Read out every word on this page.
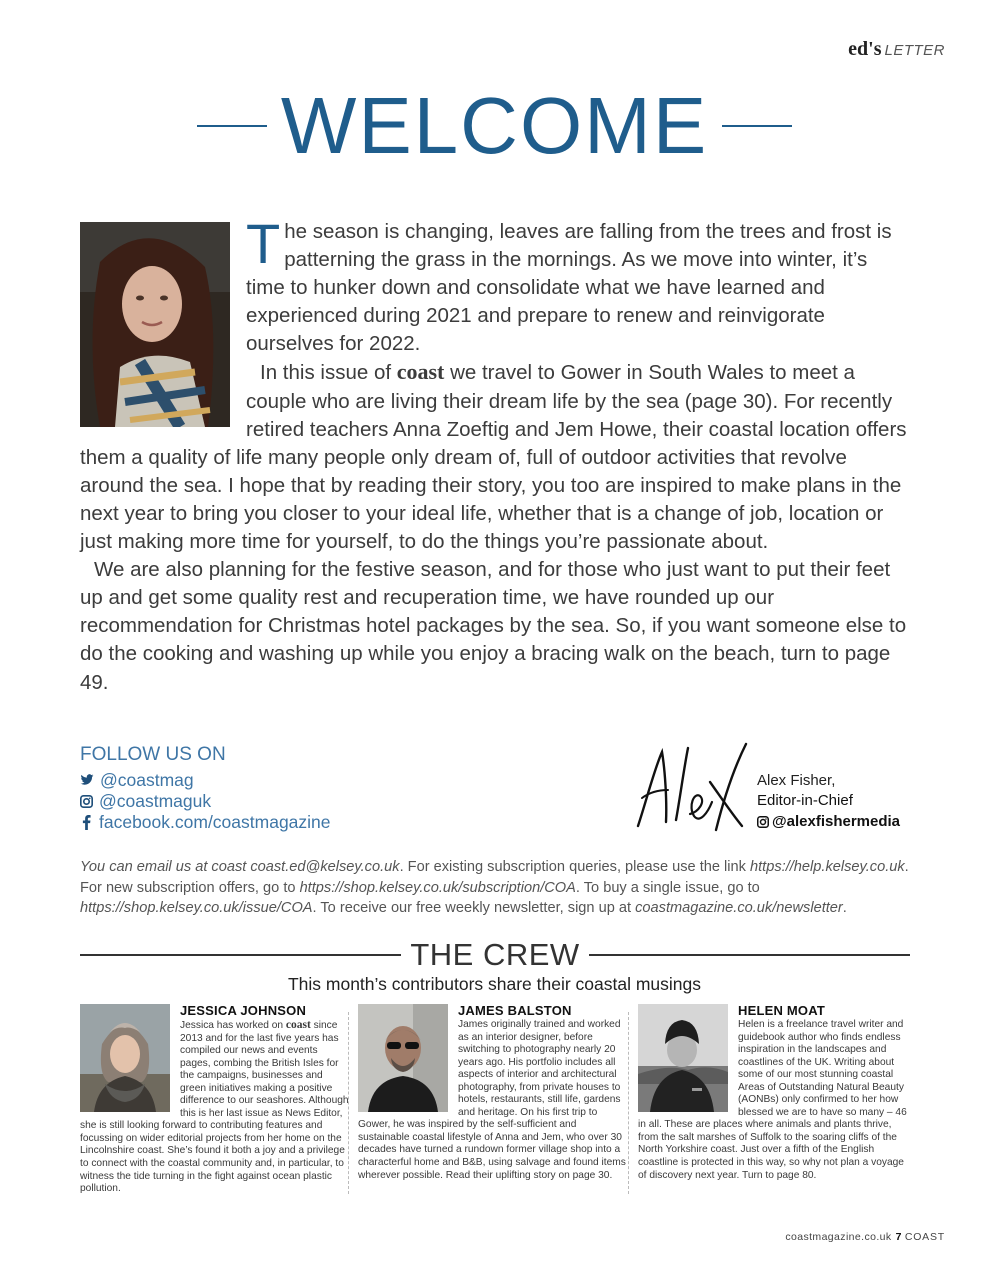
ed's LETTER
WELCOME

The season is changing, leaves are falling from the trees and frost is patterning the grass in the mornings. As we move into winter, it’s time to hunker down and consolidate what we have learned and experienced during 2021 and prepare to renew and reinvigorate ourselves for 2022.

In this issue of coast we travel to Gower in South Wales to meet a couple who are living their dream life by the sea (page 30). For recently retired teachers Anna Zoeftig and Jem Howe, their coastal location offers them a quality of life many people only dream of, full of outdoor activities that revolve around the sea. I hope that by reading their story, you too are inspired to make plans in the next year to bring you closer to your ideal life, whether that is a change of job, location or just making more time for yourself, to do the things you’re passionate about.

We are also planning for the festive season, and for those who just want to put their feet up and get some quality rest and recuperation time, we have rounded up our recommendation for Christmas hotel packages by the sea. So, if you want someone else to do the cooking and washing up while you enjoy a bracing walk on the beach, turn to page 49.

FOLLOW US ON
@coastmag
@coastmaguk
facebook.com/coastmagazine
Alex Fisher,
Editor-in-Chief
@alexfishermedia

You can email us at coast coast.ed@kelsey.co.uk. For existing subscription queries, please use the link https://help.kelsey.co.uk. For new subscription offers, go to https://shop.kelsey.co.uk/subscription/COA. To buy a single issue, go to https://shop.kelsey.co.uk/issue/COA. To receive our free weekly newsletter, sign up at coastmagazine.co.uk/newsletter.

THE CREW
This month’s contributors share their coastal musings
JESSICA JOHNSON

Jessica has worked on coast since 2013 and for the last five years has compiled our news and events pages, combing the British Isles for the campaigns, businesses and green initiatives making a positive difference to our seashores. Although this is her last issue as News Editor, she is still looking forward to contributing features and focussing on wider editorial projects from her home on the Lincolnshire coast. She’s found it both a joy and a privilege to connect with the coastal community and, in particular, to witness the tide turning in the fight against ocean plastic pollution.

JAMES BALSTON

James originally trained and worked as an interior designer, before switching to photography nearly 20 years ago. His portfolio includes all aspects of interior and architectural photography, from private houses to hotels, restaurants, still life, gardens and heritage. On his first trip to Gower, he was inspired by the self-sufficient and sustainable coastal lifestyle of Anna and Jem, who over 30 decades have turned a rundown former village shop into a characterful home and B&B, using salvage and found items wherever possible. Read their uplifting story on page 30.

HELEN MOAT

Helen is a freelance travel writer and guidebook author who finds endless inspiration in the landscapes and coastlines of the UK. Writing about some of our most stunning coastal Areas of Outstanding Natural Beauty (AONBs) only confirmed to her how blessed we are to have so many – 46 in all. These are places where animals and plants thrive, from the salt marshes of Suffolk to the soaring cliffs of the North Yorkshire coast. Just over a fifth of the English coastline is protected in this way, so why not plan a voyage of discovery next year. Turn to page 80.

coastmagazine.co.uk 7 COAST
